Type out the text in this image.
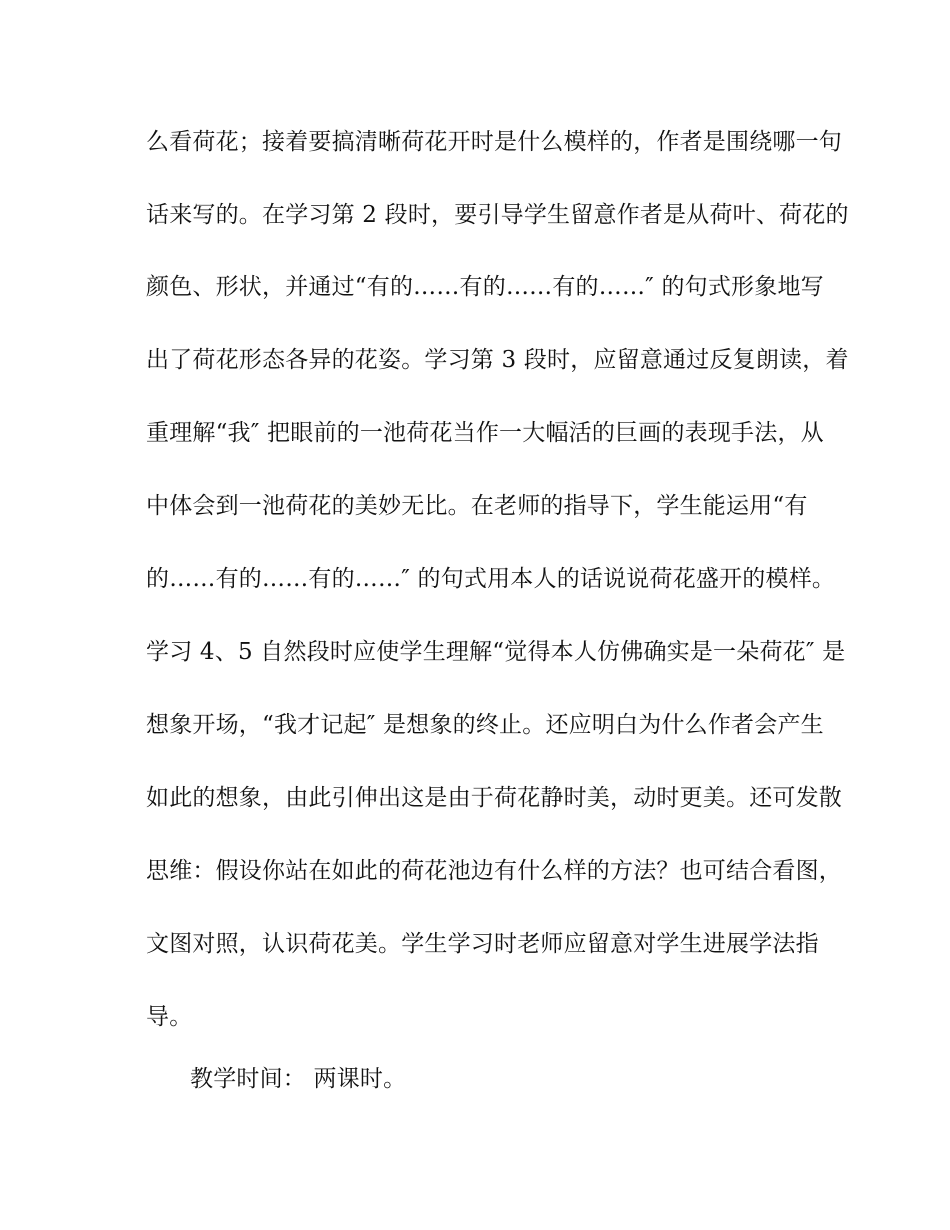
么看荷花；接着要搞清晰荷花开时是什么模样的，作者是围绕哪一句
话来写的。在学习第 2 段时，要引导学生留意作者是从荷叶、荷花的
颜色、形状，并通过“有的……有的……有的……″ 的句式形象地写
出了荷花形态各异的花姿。学习第 3 段时，应留意通过反复朗读，着
重理解“我″ 把眼前的一池荷花当作一大幅活的巨画的表现手法，从
中体会到一池荷花的美妙无比。在老师的指导下，学生能运用“有
的……有的……有的……″ 的句式用本人的话说说荷花盛开的模样。
学习 4、5 自然段时应使学生理解“觉得本人仿佛确实是一朵荷花″ 是
想象开场，“我才记起″ 是想象的终止。还应明白为什么作者会产生
如此的想象，由此引伸出这是由于荷花静时美，动时更美。还可发散
思维：假设你站在如此的荷花池边有什么样的方法？也可结合看图，
文图对照，认识荷花美。学生学习时老师应留意对学生进展学法指
导。
教学时间： 两课时。
